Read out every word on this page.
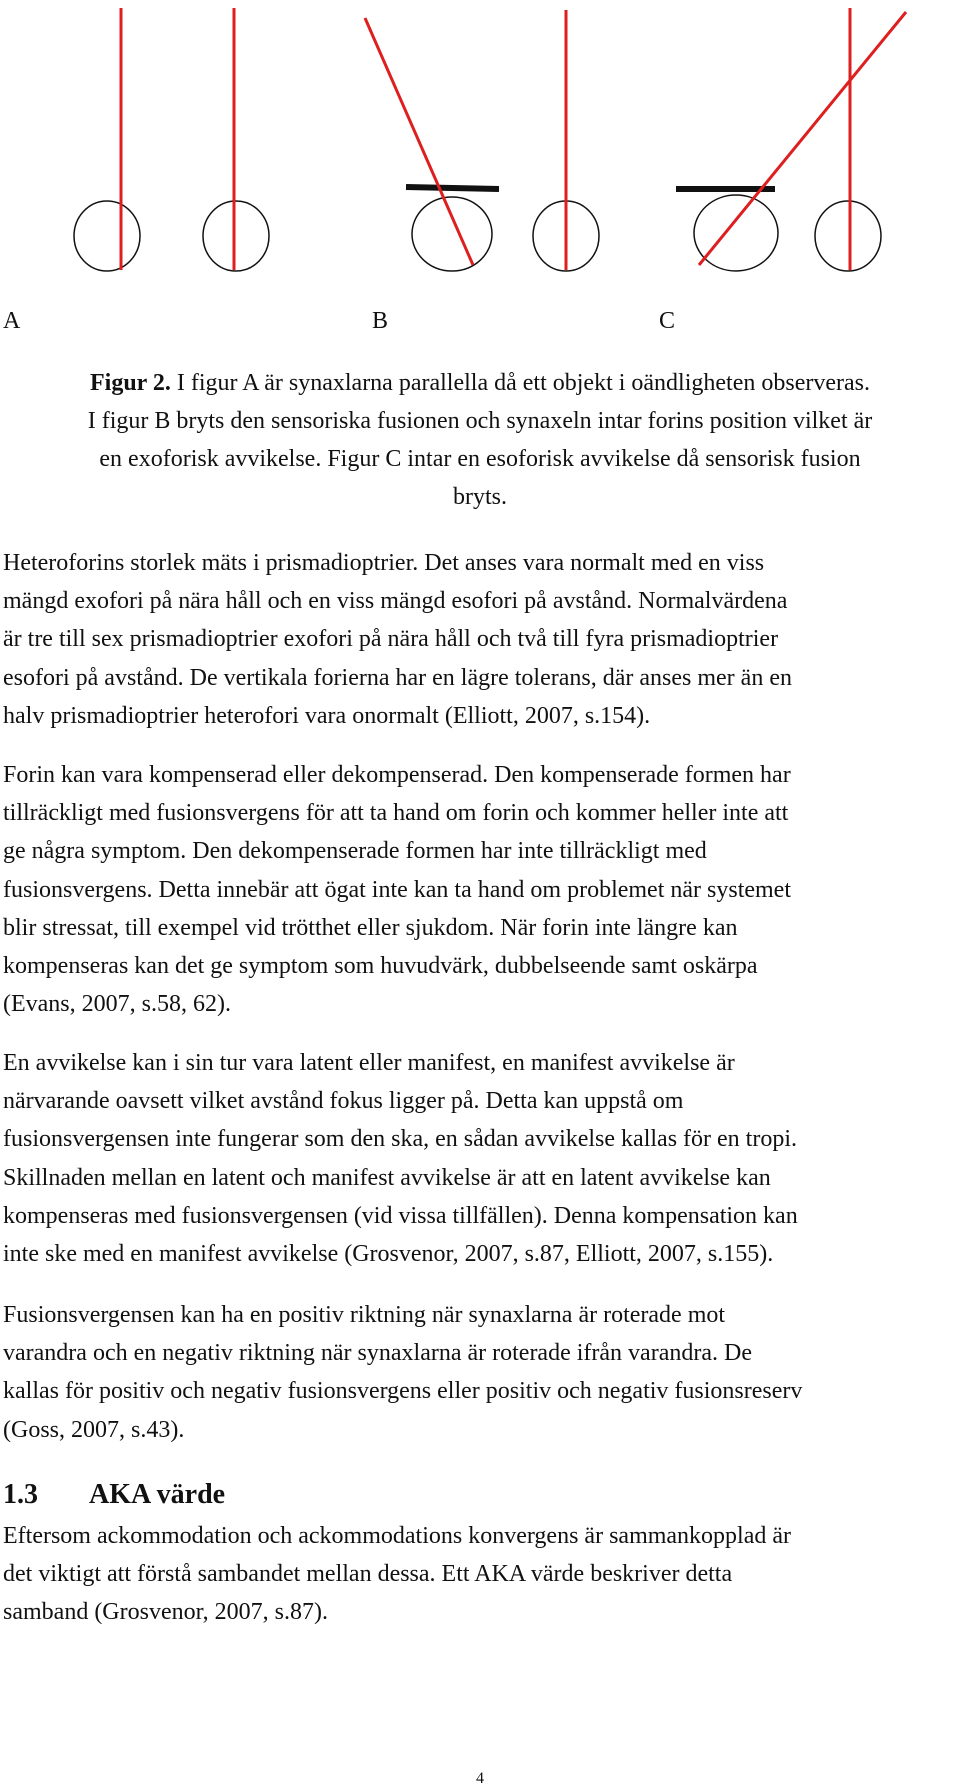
A	B	C

Figur 2. I figur A är synaxlarna parallella då ett objekt i oändligheten observeras.
I figur B bryts den sensoriska fusionen och synaxeln intar forins position vilket är
en exoforisk avvikelse. Figur C intar en esoforisk avvikelse då sensorisk fusion
bryts.

Heteroforins storlek mäts i prismadioptrier. Det anses vara normalt med en viss
mängd exofori på nära håll och en viss mängd esofori på avstånd. Normalvärdena
är tre till sex prismadioptrier exofori på nära håll och två till fyra prismadioptrier
esofori på avstånd. De vertikala forierna har en lägre tolerans, där anses mer än en
halv prismadioptrier heterofori vara onormalt (Elliott, 2007, s.154).

Forin kan vara kompenserad eller dekompenserad. Den kompenserade formen har
tillräckligt med fusionsvergens för att ta hand om forin och kommer heller inte att
ge några symptom. Den dekompenserade formen har inte tillräckligt med
fusionsvergens. Detta innebär att ögat inte kan ta hand om problemet när systemet
blir stressat, till exempel vid trötthet eller sjukdom. När forin inte längre kan
kompenseras kan det ge symptom som huvudvärk, dubbelseende samt oskärpa
(Evans, 2007, s.58, 62).

En avvikelse kan i sin tur vara latent eller manifest, en manifest avvikelse är
närvarande oavsett vilket avstånd fokus ligger på. Detta kan uppstå om
fusionsvergensen inte fungerar som den ska, en sådan avvikelse kallas för en tropi.
Skillnaden mellan en latent och manifest avvikelse är att en latent avvikelse kan
kompenseras med fusionsvergensen (vid vissa tillfällen). Denna kompensation kan
inte ske med en manifest avvikelse (Grosvenor, 2007, s.87, Elliott, 2007, s.155).

Fusionsvergensen kan ha en positiv riktning när synaxlarna är roterade mot
varandra och en negativ riktning när synaxlarna är roterade ifrån varandra. De
kallas för positiv och negativ fusionsvergens eller positiv och negativ fusionsreserv
(Goss, 2007, s.43).

1.3 AKA värde

Eftersom ackommodation och ackommodations konvergens är sammankopplad är
det viktigt att förstå sambandet mellan dessa. Ett AKA värde beskriver detta
samband (Grosvenor, 2007, s.87).

4
